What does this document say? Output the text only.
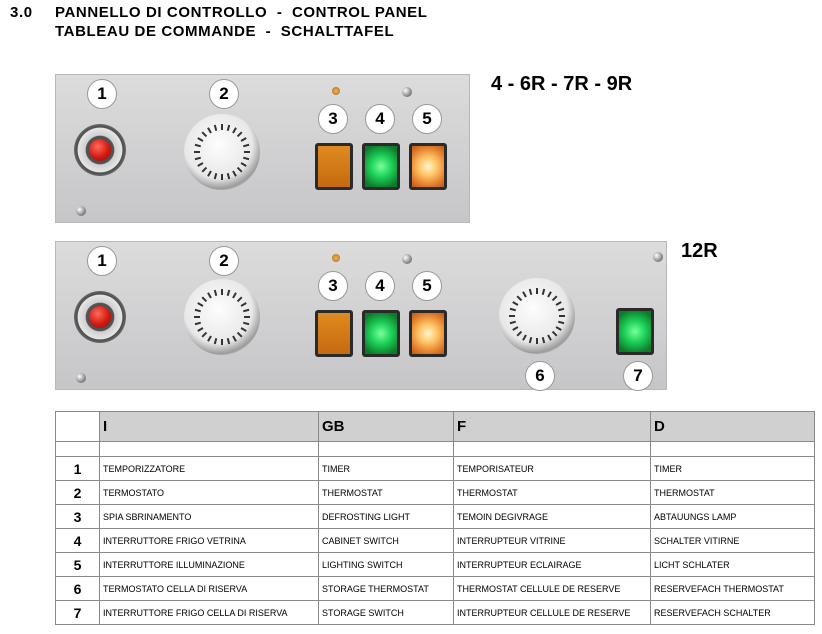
3.0 PANNELLO DI CONTROLLO  -  CONTROL PANEL
TABLEAU DE COMMANDE  -  SCHALTTAFEL
1	2
3	4	5
4 - 6R - 7R - 9R
1	2
3	4	5
6	7
12R
	I	GB	F	D

1	TEMPORIZZATORE	TIMER	TEMPORISATEUR	TIMER
2	TERMOSTATO	THERMOSTAT	THERMOSTAT	THERMOSTAT
3	SPIA SBRINAMENTO	DEFROSTING LIGHT	TEMOIN DEGIVRAGE	ABTAUUNGS LAMP
4	INTERRUTTORE FRIGO VETRINA	CABINET SWITCH	INTERRUPTEUR VITRINE	SCHALTER VITIRNE
5	INTERRUTTORE ILLUMINAZIONE	LIGHTING SWITCH	INTERRUPTEUR ECLAIRAGE	LICHT SCHLATER
6	TERMOSTATO CELLA DI RISERVA	STORAGE THERMOSTAT	THERMOSTAT CELLULE DE RESERVE	RESERVEFACH THERMOSTAT
7	INTERRUTTORE FRIGO CELLA DI RISERVA	STORAGE SWITCH	INTERRUPTEUR CELLULE DE RESERVE	RESERVEFACH SCHALTER
